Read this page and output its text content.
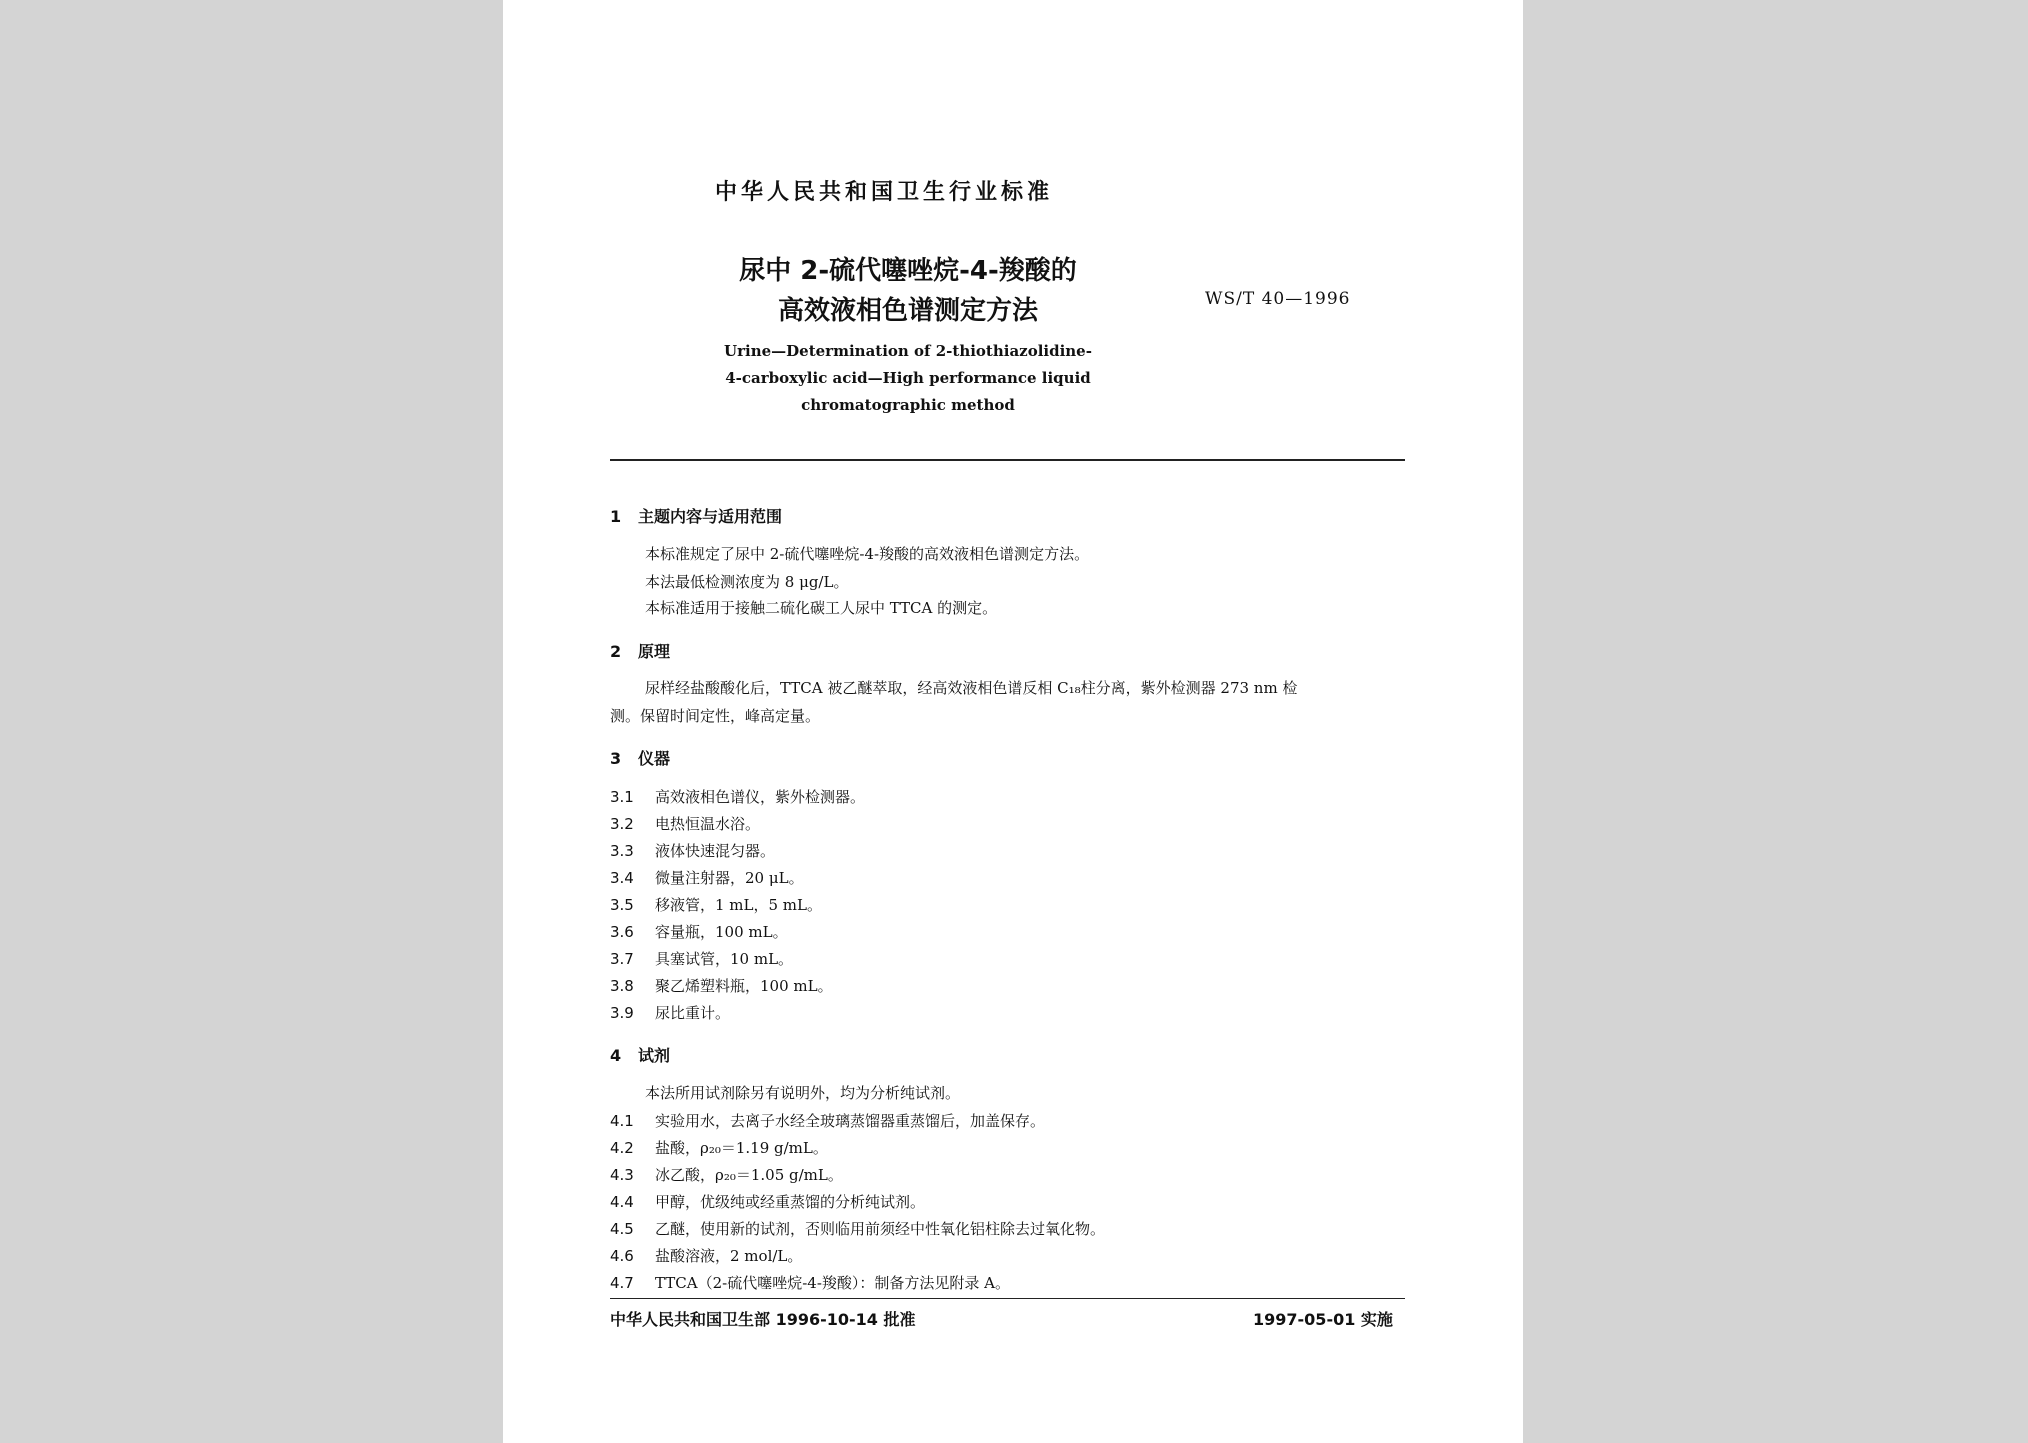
中华人民共和国卫生行业标准
尿中 2-硫代噻唑烷-4-羧酸的
高效液相色谱测定方法	WS/T 40—1996
Urine—Determination of 2-thiothiazolidine-
4-carboxylic acid—High performance liquid
chromatographic method
1 主题内容与适用范围
本标准规定了尿中 2-硫代噻唑烷-4-羧酸的高效液相色谱测定方法。
本法最低检测浓度为 8 μg/L。
本标准适用于接触二硫化碳工人尿中 TTCA 的测定。
2 原理
尿样经盐酸酸化后，TTCA 被乙醚萃取，经高效液相色谱反相 C₁₈柱分离，紫外检测器 273 nm 检
测。保留时间定性，峰高定量。
3 仪器
3.1 高效液相色谱仪，紫外检测器。
3.2 电热恒温水浴。
3.3 液体快速混匀器。
3.4 微量注射器，20 μL。
3.5 移液管，1 mL，5 mL。
3.6 容量瓶，100 mL。
3.7 具塞试管，10 mL。
3.8 聚乙烯塑料瓶，100 mL。
3.9 尿比重计。
4 试剂
本法所用试剂除另有说明外，均为分析纯试剂。
4.1 实验用水，去离子水经全玻璃蒸馏器重蒸馏后，加盖保存。
4.2 盐酸，ρ₂₀＝1.19 g/mL。
4.3 冰乙酸，ρ₂₀＝1.05 g/mL。
4.4 甲醇，优级纯或经重蒸馏的分析纯试剂。
4.5 乙醚，使用新的试剂，否则临用前须经中性氧化铝柱除去过氧化物。
4.6 盐酸溶液，2 mol/L。
4.7 TTCA（2-硫代噻唑烷-4-羧酸）：制备方法见附录 A。
中华人民共和国卫生部 1996-10-14 批准	1997-05-01 实施
